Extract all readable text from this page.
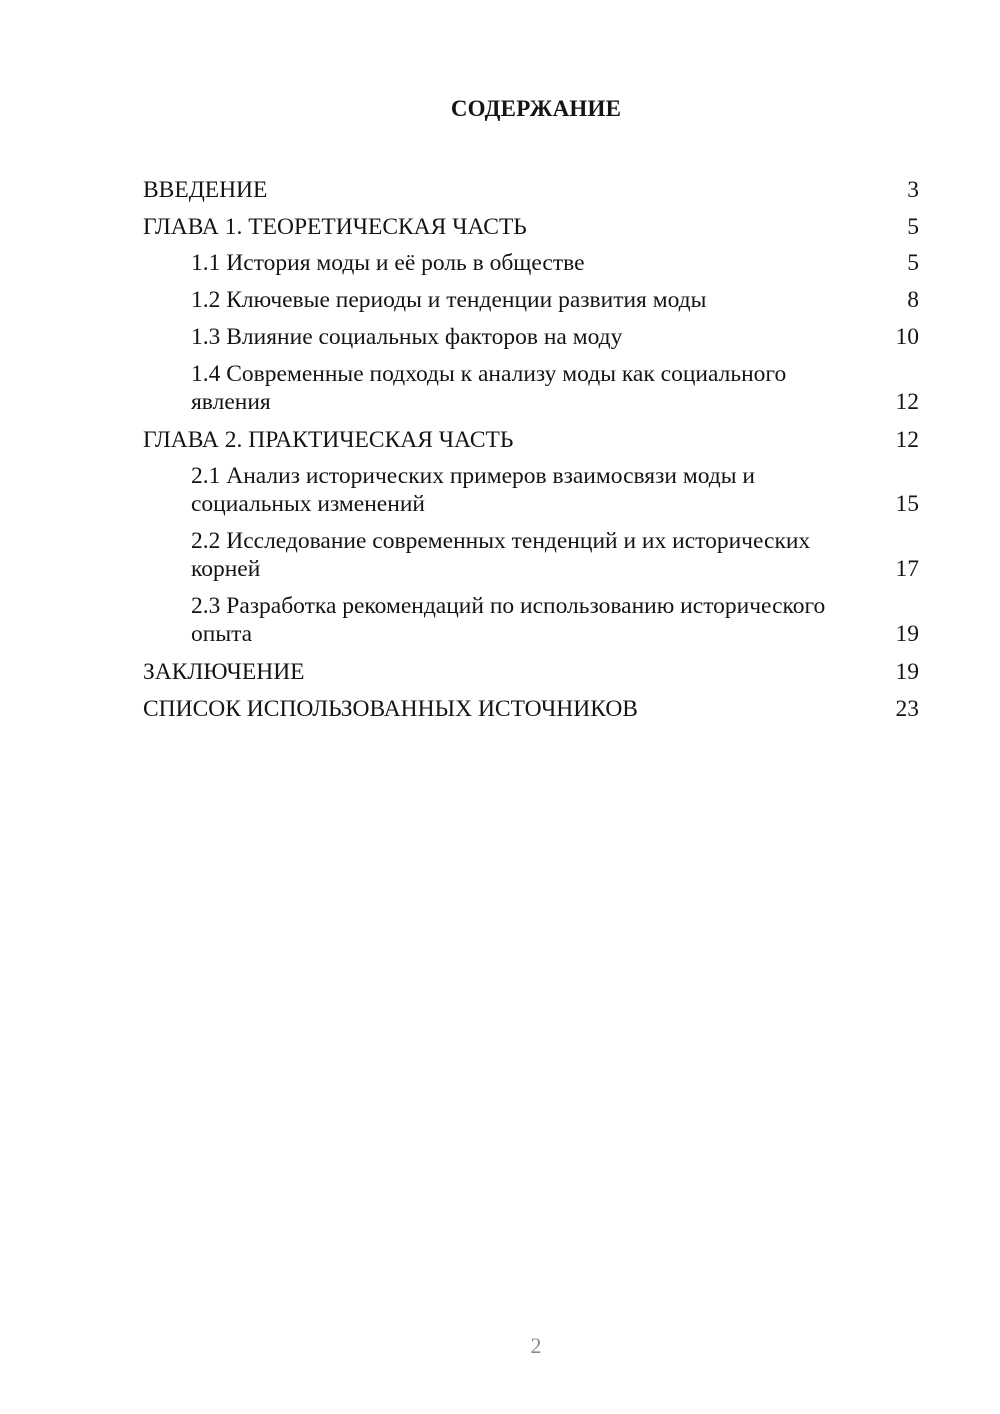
СОДЕРЖАНИЕ
ВВЕДЕНИЕ	3
ГЛАВА 1. ТЕОРЕТИЧЕСКАЯ ЧАСТЬ	5
1.1 История моды и её роль в обществе	5
1.2 Ключевые периоды и тенденции развития моды	8
1.3 Влияние социальных факторов на моду	10
1.4 Современные подходы к анализу моды как социального явления	12
ГЛАВА 2. ПРАКТИЧЕСКАЯ ЧАСТЬ	12
2.1 Анализ исторических примеров взаимосвязи моды и социальных изменений	15
2.2 Исследование современных тенденций и их исторических корней	17
2.3 Разработка рекомендаций по использованию исторического опыта	19
ЗАКЛЮЧЕНИЕ	19
СПИСОК ИСПОЛЬЗОВАННЫХ ИСТОЧНИКОВ	23
2
